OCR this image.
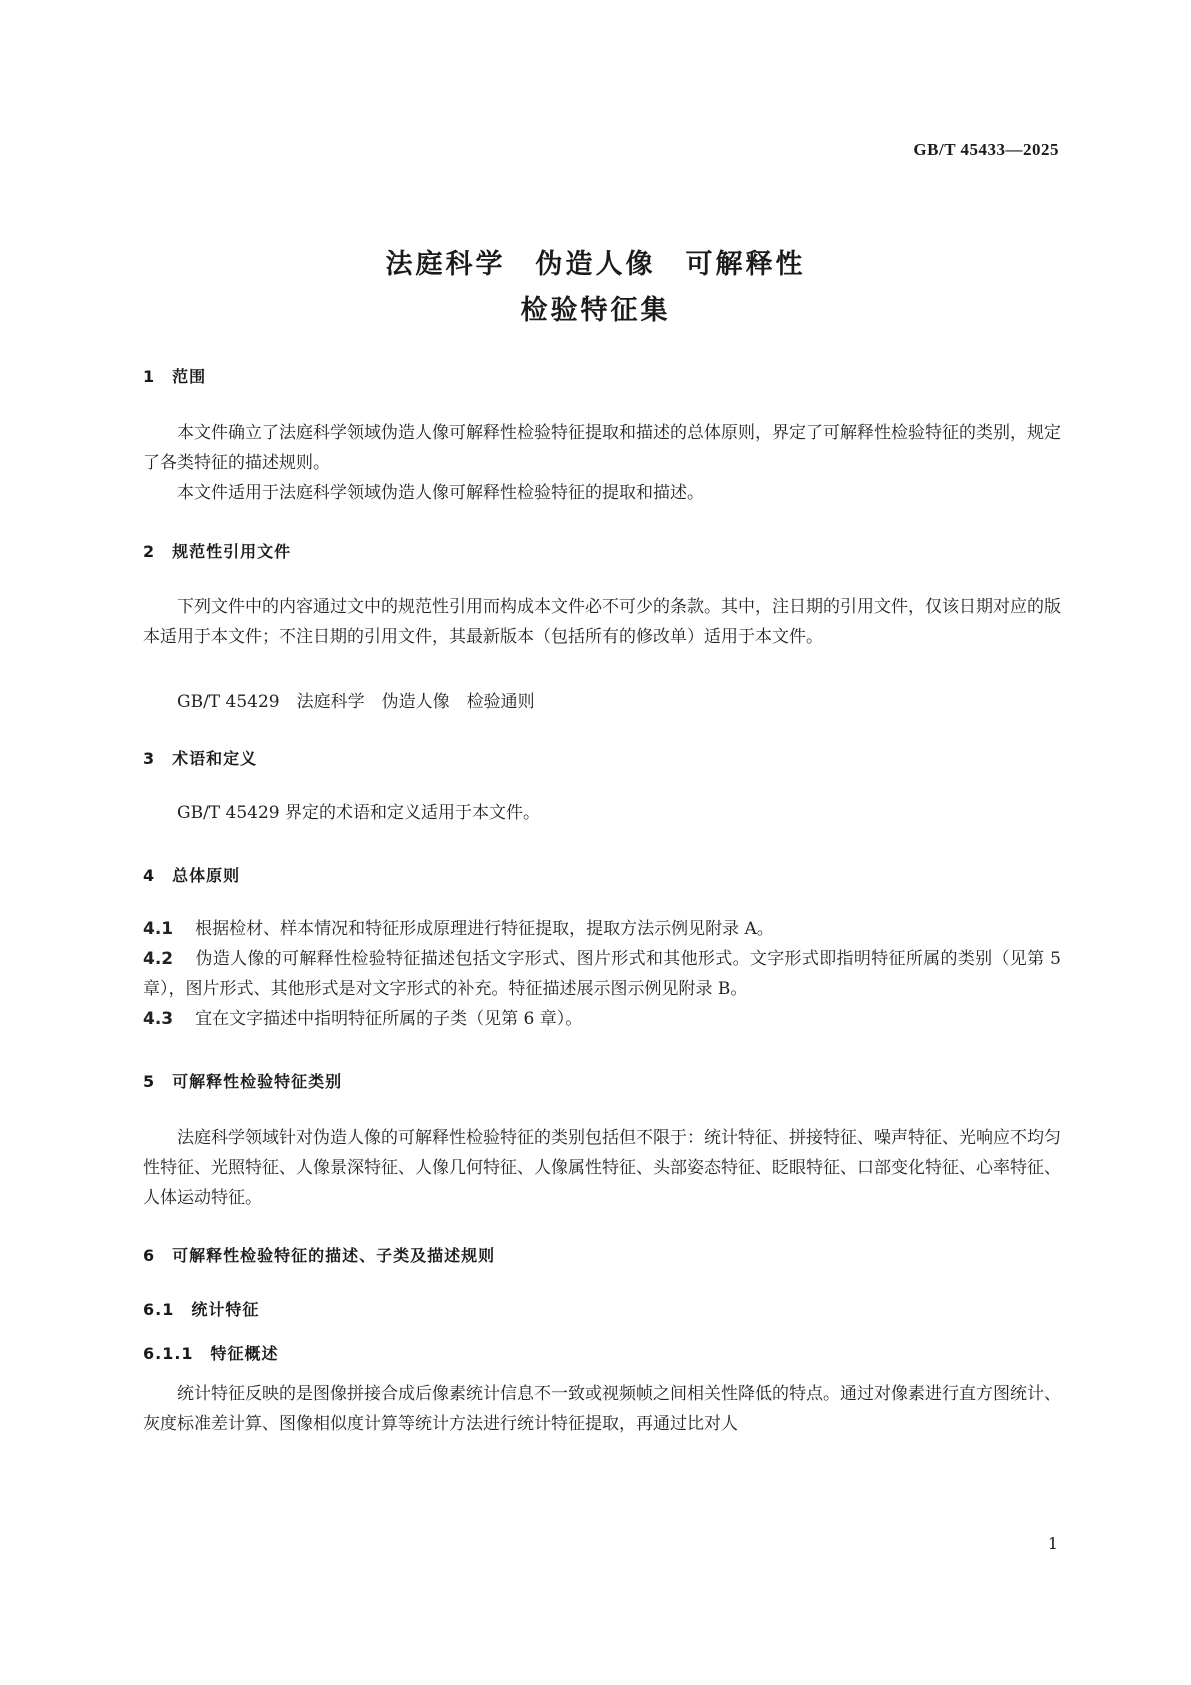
GB/T 45433—2025
法庭科学　伪造人像　可解释性
检验特征集
1　范围
本文件确立了法庭科学领域伪造人像可解释性检验特征提取和描述的总体原则，界定了可解释性检验特征的类别，规定了各类特征的描述规则。
本文件适用于法庭科学领域伪造人像可解释性检验特征的提取和描述。
2　规范性引用文件
下列文件中的内容通过文中的规范性引用而构成本文件必不可少的条款。其中，注日期的引用文件，仅该日期对应的版本适用于本文件；不注日期的引用文件，其最新版本（包括所有的修改单）适用于本文件。
GB/T 45429　法庭科学　伪造人像　检验通则
3　术语和定义
GB/T 45429 界定的术语和定义适用于本文件。
4　总体原则
4.1 根据检材、样本情况和特征形成原理进行特征提取，提取方法示例见附录 A。
4.2 伪造人像的可解释性检验特征描述包括文字形式、图片形式和其他形式。文字形式即指明特征所属的类别（见第 5 章），图片形式、其他形式是对文字形式的补充。特征描述展示图示例见附录 B。
4.3 宜在文字描述中指明特征所属的子类（见第 6 章）。
5　可解释性检验特征类别
法庭科学领域针对伪造人像的可解释性检验特征的类别包括但不限于：统计特征、拼接特征、噪声特征、光响应不均匀性特征、光照特征、人像景深特征、人像几何特征、人像属性特征、头部姿态特征、眨眼特征、口部变化特征、心率特征、人体运动特征。
6　可解释性检验特征的描述、子类及描述规则
6.1　统计特征
6.1.1　特征概述
统计特征反映的是图像拼接合成后像素统计信息不一致或视频帧之间相关性降低的特点。通过对像素进行直方图统计、灰度标准差计算、图像相似度计算等统计方法进行统计特征提取，再通过比对人
1
